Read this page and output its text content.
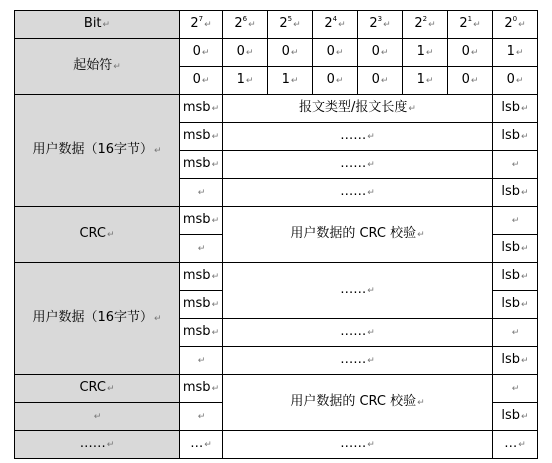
Bit↵	$2^7↵$	$2^6↵$	$2^5↵$	$2^4↵$	$2^3↵$	$2^2↵$	$2^1↵$	$2^0↵$
起始符↵	0↵	0↵	0↵	0↵	0↵	1↵	0↵	1↵
	0↵	1↵	1↵	0↵	0↵	1↵	0↵	0↵
用户数据（16字节）↵	msb↵	报文类型/报文长度↵						lsb↵
	msb↵	……↵						lsb↵
	msb↵	……↵						↵
	↵	……↵						lsb↵
CRC↵	msb↵	用户数据的 CRC 校验↵						↵
	↵							lsb↵
用户数据（16字节）↵	msb↵	……↵						lsb↵
	msb↵							lsb↵
	msb↵	……↵						↵
	↵	……↵						lsb↵
CRC↵	msb↵	用户数据的 CRC 校验↵						↵
↵	↵							lsb↵
……↵	…↵	……↵						…↵
